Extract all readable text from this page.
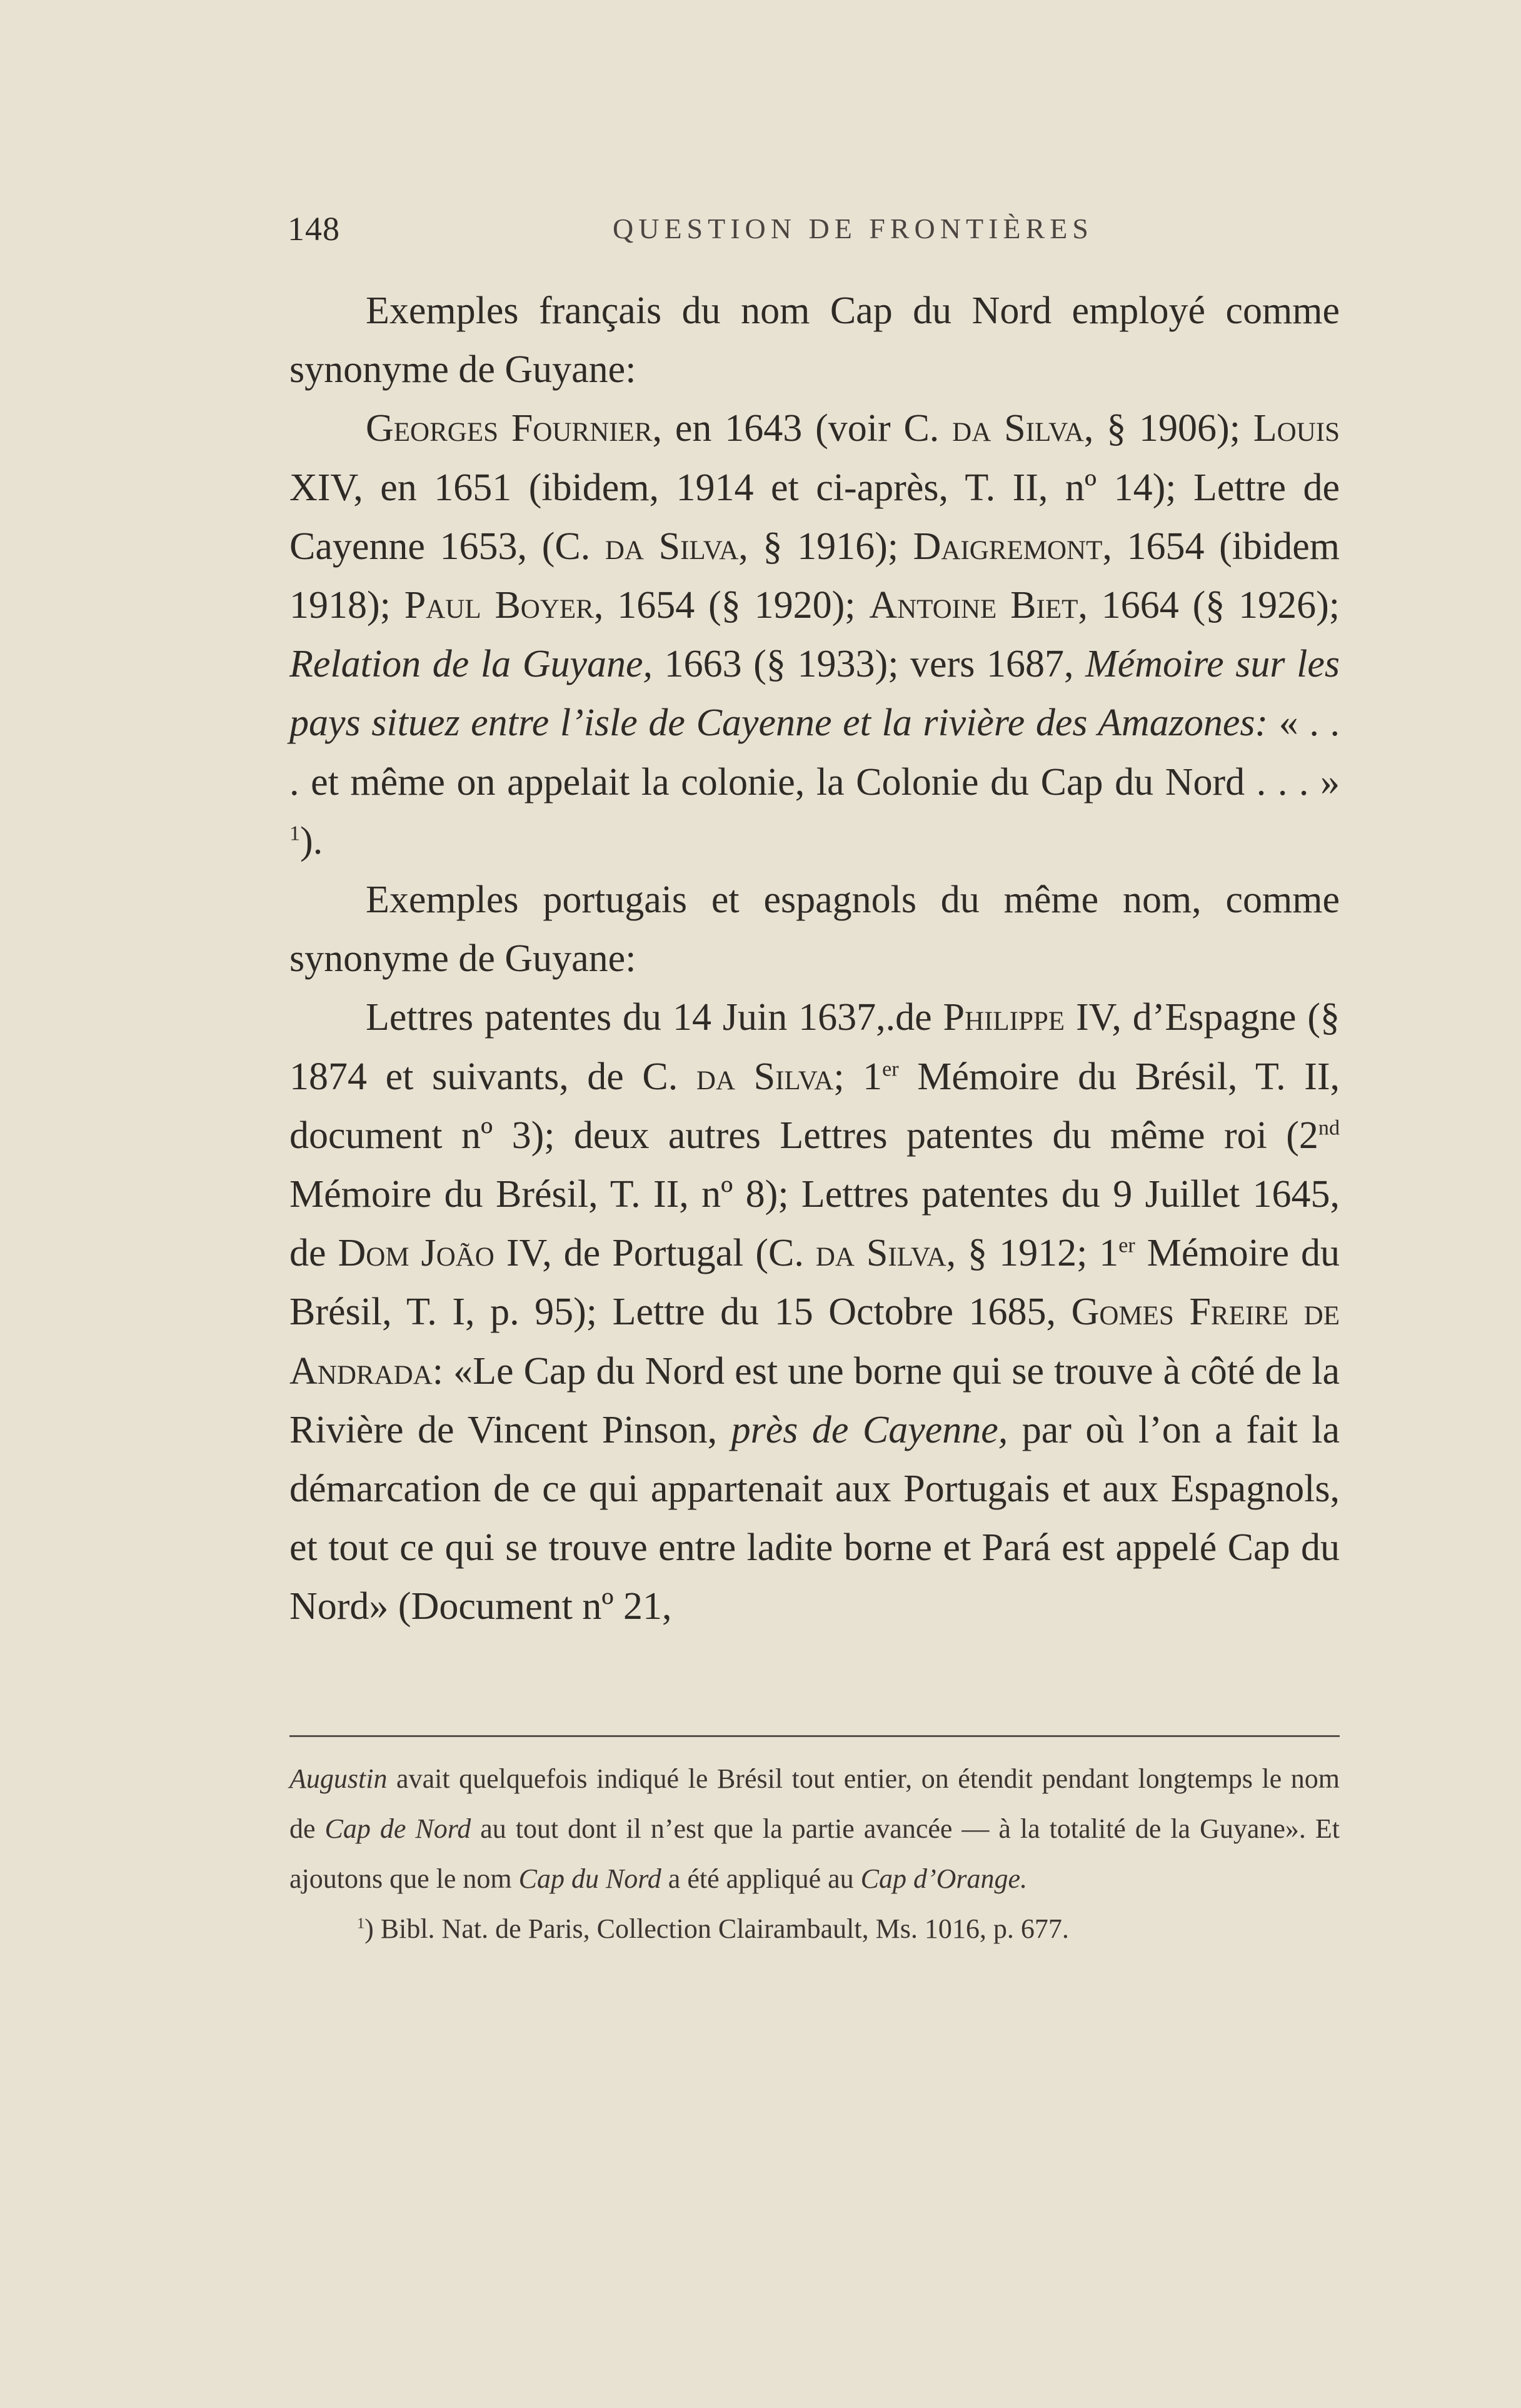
148	QUESTION DE FRONTIÈRES

Exemples français du nom Cap du Nord employé comme synonyme de Guyane:

Georges Fournier, en 1643 (voir C. da Silva, § 1906); Louis XIV, en 1651 (ibidem, 1914 et ci-après, T. II, nº 14); Lettre de Cayenne 1653, (C. da Silva, § 1916); Daigremont, 1654 (ibidem 1918); Paul Boyer, 1654 (§ 1920); Antoine Biet, 1664 (§ 1926); Relation de la Guyane, 1663 (§ 1933); vers 1687, Mémoire sur les pays situez entre l’isle de Cayenne et la rivière des Amazones: « . . . et même on appelait la colonie, la Colonie du Cap du Nord . . . » $^1$).

Exemples portugais et espagnols du même nom, comme synonyme de Guyane:

Lettres patentes du 14 Juin 1637,.de Philippe IV, d’Espagne (§ 1874 et suivants, de C. da Silva; 1er Mémoire du Brésil, T. II, document nº 3); deux autres Lettres patentes du même roi (2nd Mémoire du Brésil, T. II, nº 8); Lettres patentes du 9 Juillet 1645, de Dom João IV, de Portugal (C. da Silva, § 1912; 1er Mémoire du Brésil, T. I, p. 95); Lettre du 15 Octobre 1685, Gomes Freire de Andrada: «Le Cap du Nord est une borne qui se trouve à côté de la Rivière de Vincent Pinson, près de Cayenne, par où l’on a fait la démarcation de ce qui appartenait aux Portugais et aux Espagnols, et tout ce qui se trouve entre ladite borne et Pará est appelé Cap du Nord» (Document nº 21,

Augustin avait quelquefois indiqué le Brésil tout entier, on étendit pendant longtemps le nom de Cap de Nord au tout dont il n’est que la partie avancée — à la totalité de la Guyane». Et ajoutons que le nom Cap du Nord a été appliqué au Cap d’Orange.

$^1$) Bibl. Nat. de Paris, Collection Clairambault, Ms. 1016, p. 677.
